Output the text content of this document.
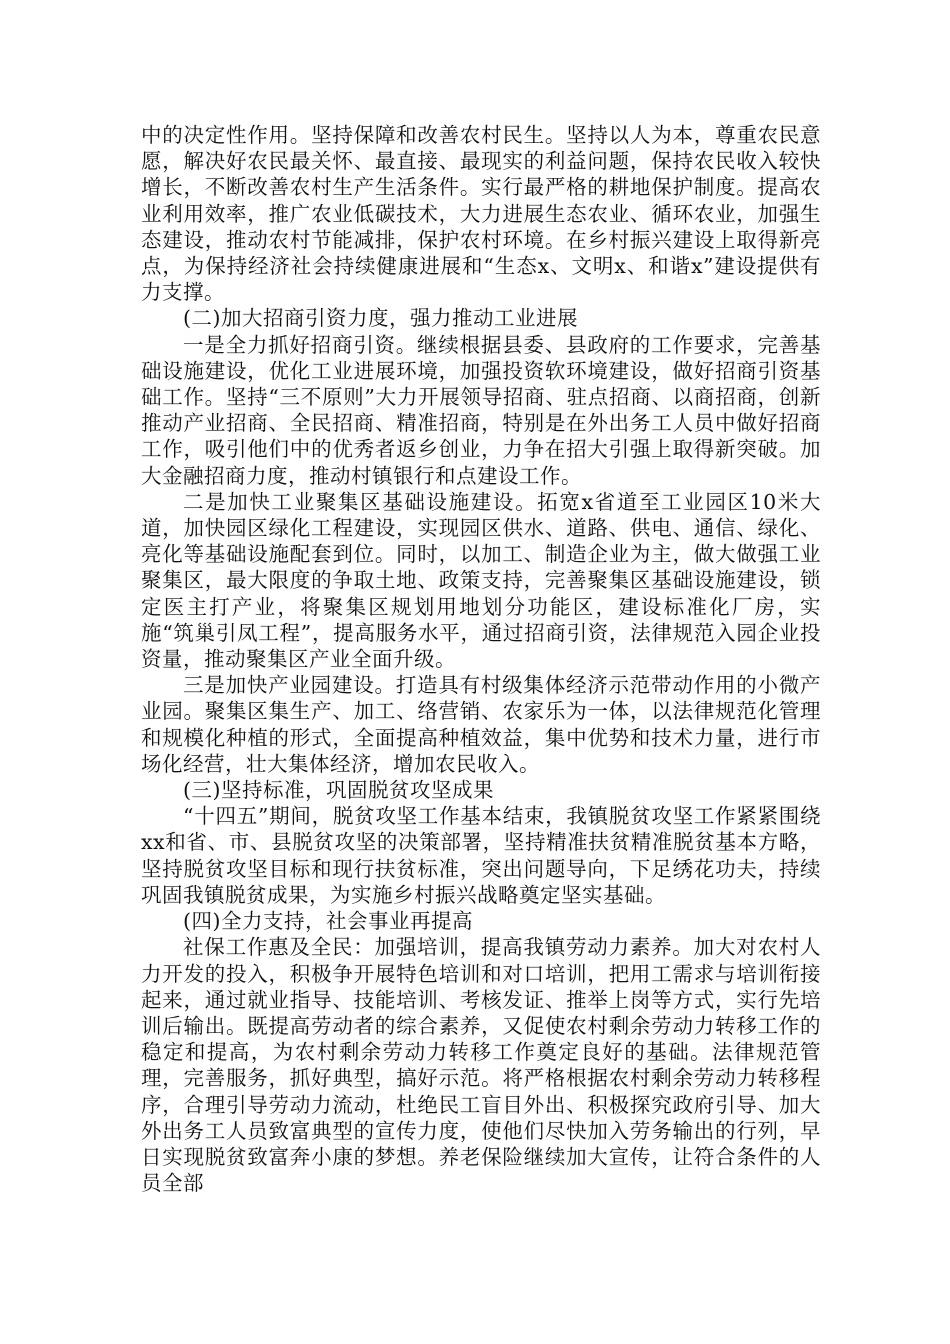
中的决定性作用。坚持保障和改善农村民生。坚持以人为本，尊重农民意愿，解决好农民最关怀、最直接、最现实的利益问题，保持农民收入较快增长，不断改善农村生产生活条件。实行最严格的耕地保护制度。提高农业利用效率，推广农业低碳技术，大力进展生态农业、循环农业，加强生态建设，推动农村节能减排，保护农村环境。在乡村振兴建设上取得新亮点，为保持经济社会持续健康进展和“生态x、文明x、和谐x”建设提供有力支撑。

(二)加大招商引资力度，强力推动工业进展

一是全力抓好招商引资。继续根据县委、县政府的工作要求，完善基础设施建设，优化工业进展环境，加强投资软环境建设，做好招商引资基础工作。坚持“三不原则”大力开展领导招商、驻点招商、以商招商，创新推动产业招商、全民招商、精准招商，特别是在外出务工人员中做好招商工作，吸引他们中的优秀者返乡创业，力争在招大引强上取得新突破。加大金融招商力度，推动村镇银行和点建设工作。

二是加快工业聚集区基础设施建设。拓宽x省道至工业园区10米大道，加快园区绿化工程建设，实现园区供水、道路、供电、通信、绿化、亮化等基础设施配套到位。同时，以加工、制造企业为主，做大做强工业聚集区，最大限度的争取土地、政策支持，完善聚集区基础设施建设，锁定医主打产业，将聚集区规划用地划分功能区，建设标准化厂房，实施“筑巢引凤工程”，提高服务水平，通过招商引资，法律规范入园企业投资量，推动聚集区产业全面升级。

三是加快产业园建设。打造具有村级集体经济示范带动作用的小微产业园。聚集区集生产、加工、络营销、农家乐为一体，以法律规范化管理和规模化种植的形式，全面提高种植效益，集中优势和技术力量，进行市场化经营，壮大集体经济，增加农民收入。

(三)坚持标准，巩固脱贫攻坚成果

“十四五”期间，脱贫攻坚工作基本结束，我镇脱贫攻坚工作紧紧围绕xx和省、市、县脱贫攻坚的决策部署，坚持精准扶贫精准脱贫基本方略，坚持脱贫攻坚目标和现行扶贫标准，突出问题导向，下足绣花功夫，持续巩固我镇脱贫成果，为实施乡村振兴战略奠定坚实基础。

(四)全力支持，社会事业再提高

社保工作惠及全民：加强培训，提高我镇劳动力素养。加大对农村人力开发的投入，积极争开展特色培训和对口培训，把用工需求与培训衔接起来，通过就业指导、技能培训、考核发证、推举上岗等方式，实行先培训后输出。既提高劳动者的综合素养，又促使农村剩余劳动力转移工作的稳定和提高，为农村剩余劳动力转移工作奠定良好的基础。法律规范管理，完善服务，抓好典型，搞好示范。将严格根据农村剩余劳动力转移程序，合理引导劳动力流动，杜绝民工盲目外出、积极探究政府引导、加大外出务工人员致富典型的宣传力度，使他们尽快加入劳务输出的行列，早日实现脱贫致富奔小康的梦想。养老保险继续加大宣传，让符合条件的人员全部
